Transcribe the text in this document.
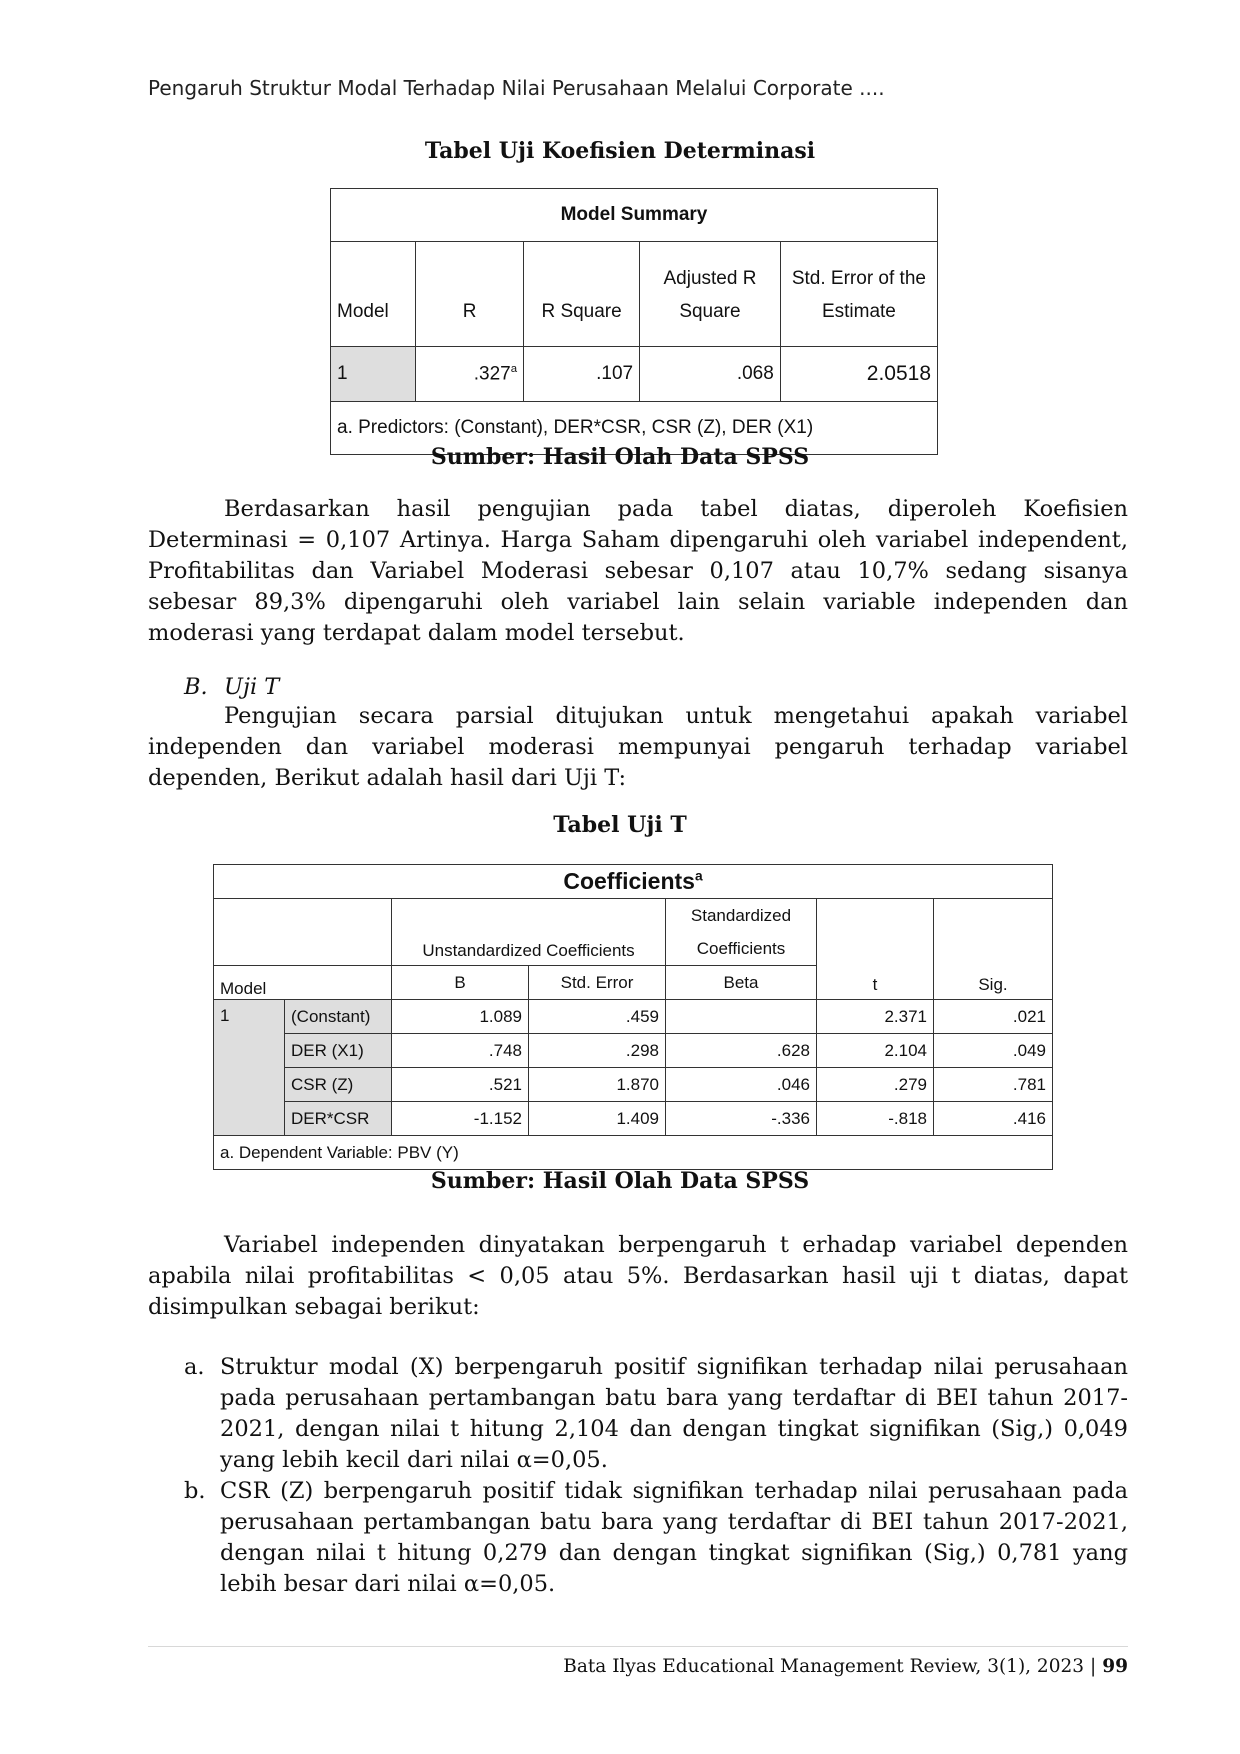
Pengaruh Struktur Modal Terhadap Nilai Perusahaan Melalui Corporate ....
Tabel Uji Koefisien Determinasi
Model Summary				
Model	R	R Square	Adjusted R Square	Std. Error of the Estimate
1	.327$^a$	.107	.068	2.0518
a. Predictors: (Constant), DER*CSR, CSR (Z), DER (X1)				
Sumber: Hasil Olah Data SPSS

Berdasarkan hasil pengujian pada tabel diatas, diperoleh Koefisien Determinasi = 0,107 Artinya. Harga Saham dipengaruhi oleh variabel independent, Profitabilitas dan Variabel Moderasi sebesar 0,107 atau 10,7% sedang sisanya sebesar 89,3% dipengaruhi oleh variabel lain selain variable independen dan moderasi yang terdapat dalam model tersebut.

B. Uji T

Pengujian secara parsial ditujukan untuk mengetahui apakah variabel independen dan variabel moderasi mempunyai pengaruh terhadap variabel dependen, Berikut adalah hasil dari Uji T:

Tabel Uji T
Coefficients$^a$
		Unstandardized Coefficients		Standardized Coefficients	t	Sig.

Model		B	Std. Error	Beta		
1	(Constant)	1.089	.459		2.371	.021
	DER (X1)	.748	.298	.628	2.104	.049
	CSR (Z)	.521	1.870	.046	.279	.781
	DER*CSR	-1.152	1.409	-.336	-.818	.416
a. Dependent Variable: PBV (Y)						
Sumber: Hasil Olah Data SPSS

Variabel independen dinyatakan berpengaruh t erhadap variabel dependen apabila nilai profitabilitas < 0,05 atau 5%. Berdasarkan hasil uji t diatas, dapat disimpulkan sebagai berikut:

a. Struktur modal (X) berpengaruh positif signifikan terhadap nilai perusahaan pada perusahaan pertambangan batu bara yang terdaftar di BEI tahun 2017-2021, dengan nilai t hitung 2,104 dan dengan tingkat signifikan (Sig,) 0,049 yang lebih kecil dari nilai α=0,05.
b. CSR (Z) berpengaruh positif tidak signifikan terhadap nilai perusahaan pada perusahaan pertambangan batu bara yang terdaftar di BEI tahun 2017-2021, dengan nilai t hitung 0,279 dan dengan tingkat signifikan (Sig,) 0,781 yang lebih besar dari nilai α=0,05.
Bata Ilyas Educational Management Review, 3(1), 2023 | 99
